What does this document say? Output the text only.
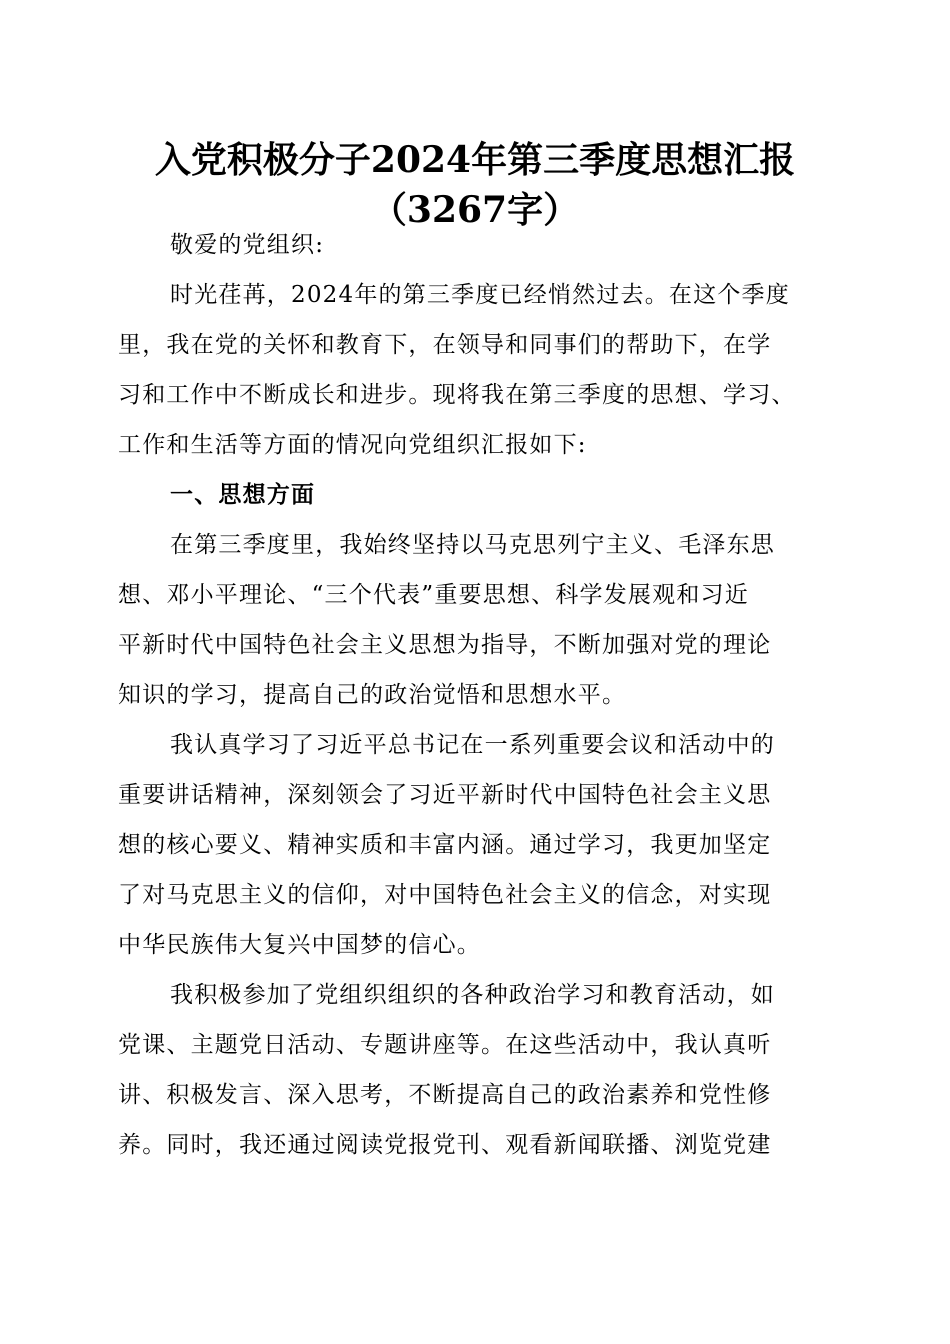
入党积极分子2024年第三季度思想汇报
（3267字）
敬爱的党组织:
时光荏苒，2024年的第三季度已经悄然过去。在这个季度
里，我在党的关怀和教育下，在领导和同事们的帮助下，在学
习和工作中不断成长和进步。现将我在第三季度的思想、学习、
工作和生活等方面的情况向党组织汇报如下:
一、思想方面
在第三季度里，我始终坚持以马克思列宁主义、毛泽东思
想、邓小平理论、“三个代表”重要思想、科学发展观和习近
平新时代中国特色社会主义思想为指导，不断加强对党的理论
知识的学习，提高自己的政治觉悟和思想水平。
我认真学习了习近平总书记在一系列重要会议和活动中的
重要讲话精神，深刻领会了习近平新时代中国特色社会主义思
想的核心要义、精神实质和丰富内涵。通过学习，我更加坚定
了对马克思主义的信仰，对中国特色社会主义的信念，对实现
中华民族伟大复兴中国梦的信心。
我积极参加了党组织组织的各种政治学习和教育活动，如
党课、主题党日活动、专题讲座等。在这些活动中，我认真听
讲、积极发言、深入思考，不断提高自己的政治素养和党性修
养。同时，我还通过阅读党报党刊、观看新闻联播、浏览党建
